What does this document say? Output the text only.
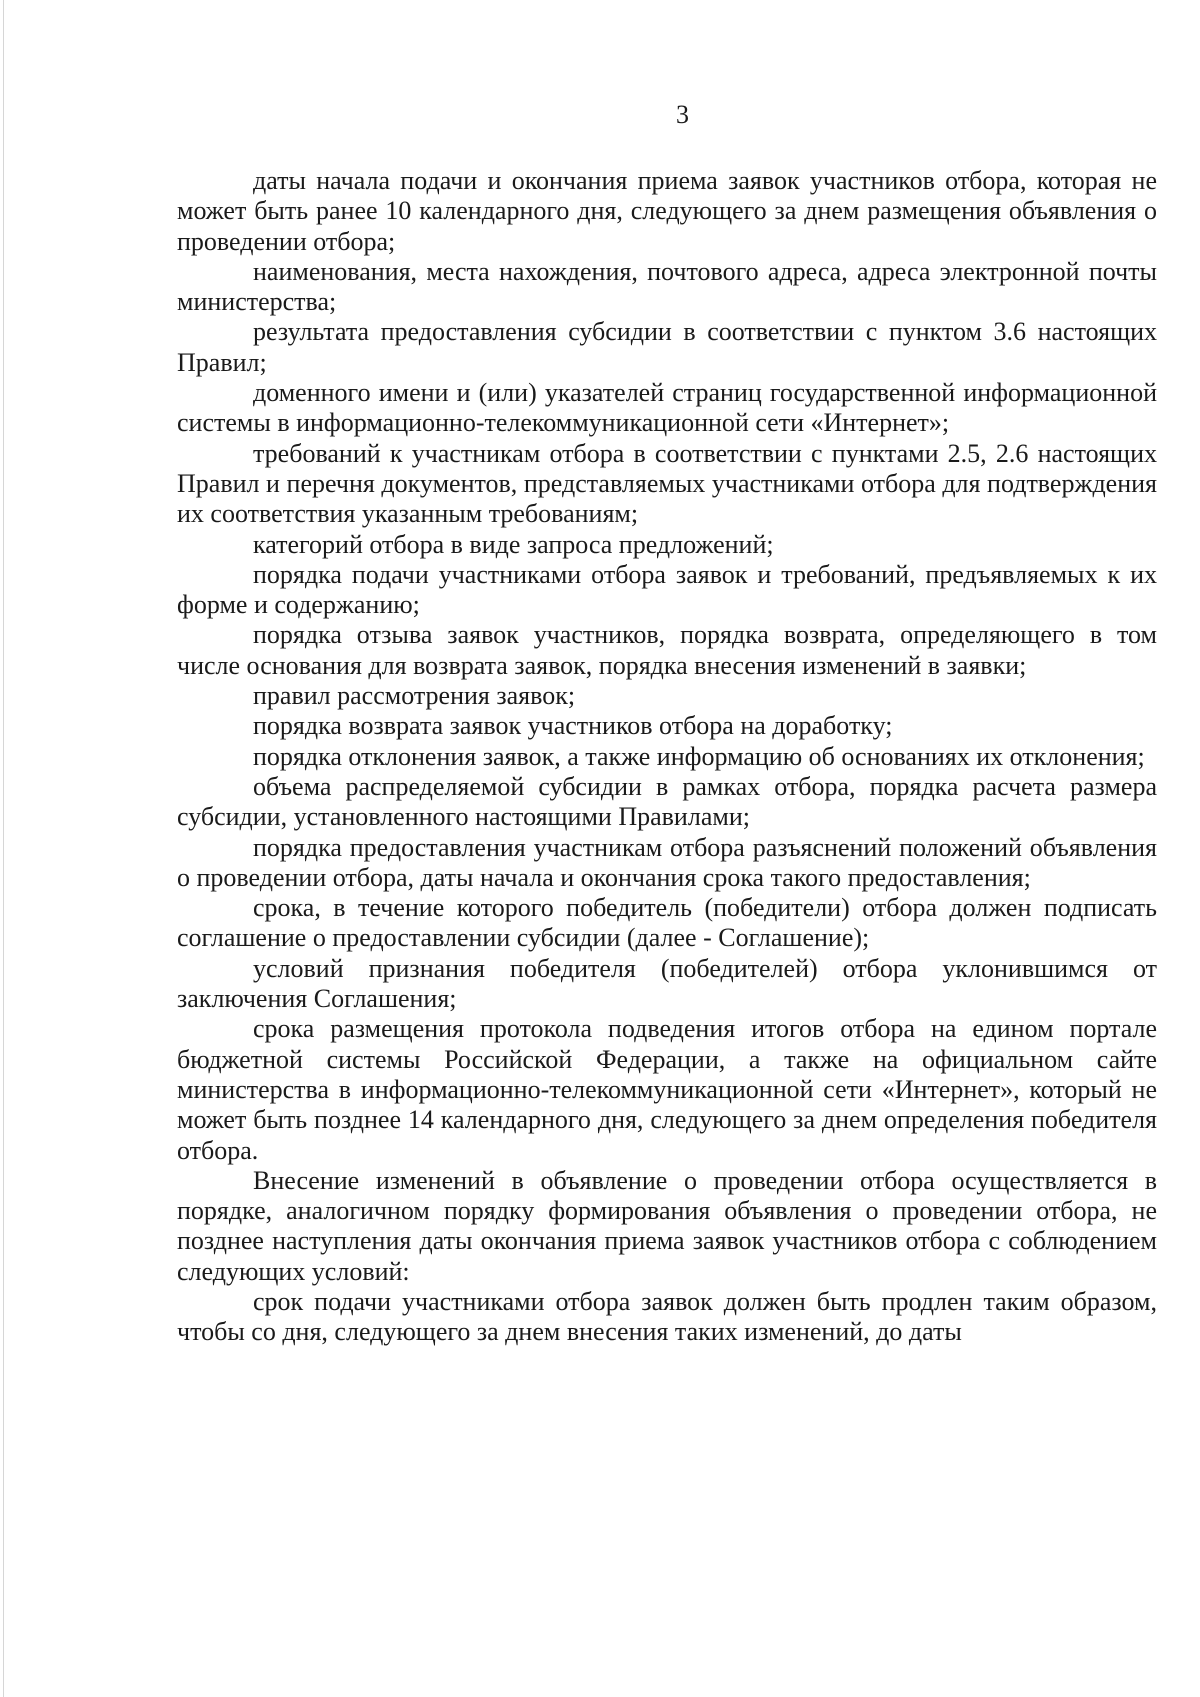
3

даты начала подачи и окончания приема заявок участников отбора, которая не может быть ранее 10 календарного дня, следующего за днем размещения объявления о проведении отбора;

наименования, места нахождения, почтового адреса, адреса электронной почты министерства;

результата предоставления субсидии в соответствии с пунктом 3.6 настоящих Правил;

доменного имени и (или) указателей страниц государственной информационной системы в информационно-телекоммуникационной сети «Интернет»;

требований к участникам отбора в соответствии с пунктами 2.5, 2.6 настоящих Правил и перечня документов, представляемых участниками отбора для подтверждения их соответствия указанным требованиям;

категорий отбора в виде запроса предложений;

порядка подачи участниками отбора заявок и требований, предъявляемых к их форме и содержанию;

порядка отзыва заявок участников, порядка возврата, определяющего в том числе основания для возврата заявок, порядка внесения изменений в заявки;

правил рассмотрения заявок;

порядка возврата заявок участников отбора на доработку;

порядка отклонения заявок, а также информацию об основаниях их отклонения;

объема распределяемой субсидии в рамках отбора, порядка расчета размера субсидии, установленного настоящими Правилами;

порядка предоставления участникам отбора разъяснений положений объявления о проведении отбора, даты начала и окончания срока такого предоставления;

срока, в течение которого победитель (победители) отбора должен подписать соглашение о предоставлении субсидии (далее - Соглашение);

условий признания победителя (победителей) отбора уклонившимся от заключения Соглашения;

срока размещения протокола подведения итогов отбора на едином портале бюджетной системы Российской Федерации, а также на официальном сайте министерства в информационно-телекоммуникационной сети «Интернет», который не может быть позднее 14 календарного дня, следующего за днем определения победителя отбора.

Внесение изменений в объявление о проведении отбора осуществляется в порядке, аналогичном порядку формирования объявления о проведении отбора, не позднее наступления даты окончания приема заявок участников отбора с соблюдением следующих условий:

срок подачи участниками отбора заявок должен быть продлен таким образом, чтобы со дня, следующего за днем внесения таких изменений, до даты
